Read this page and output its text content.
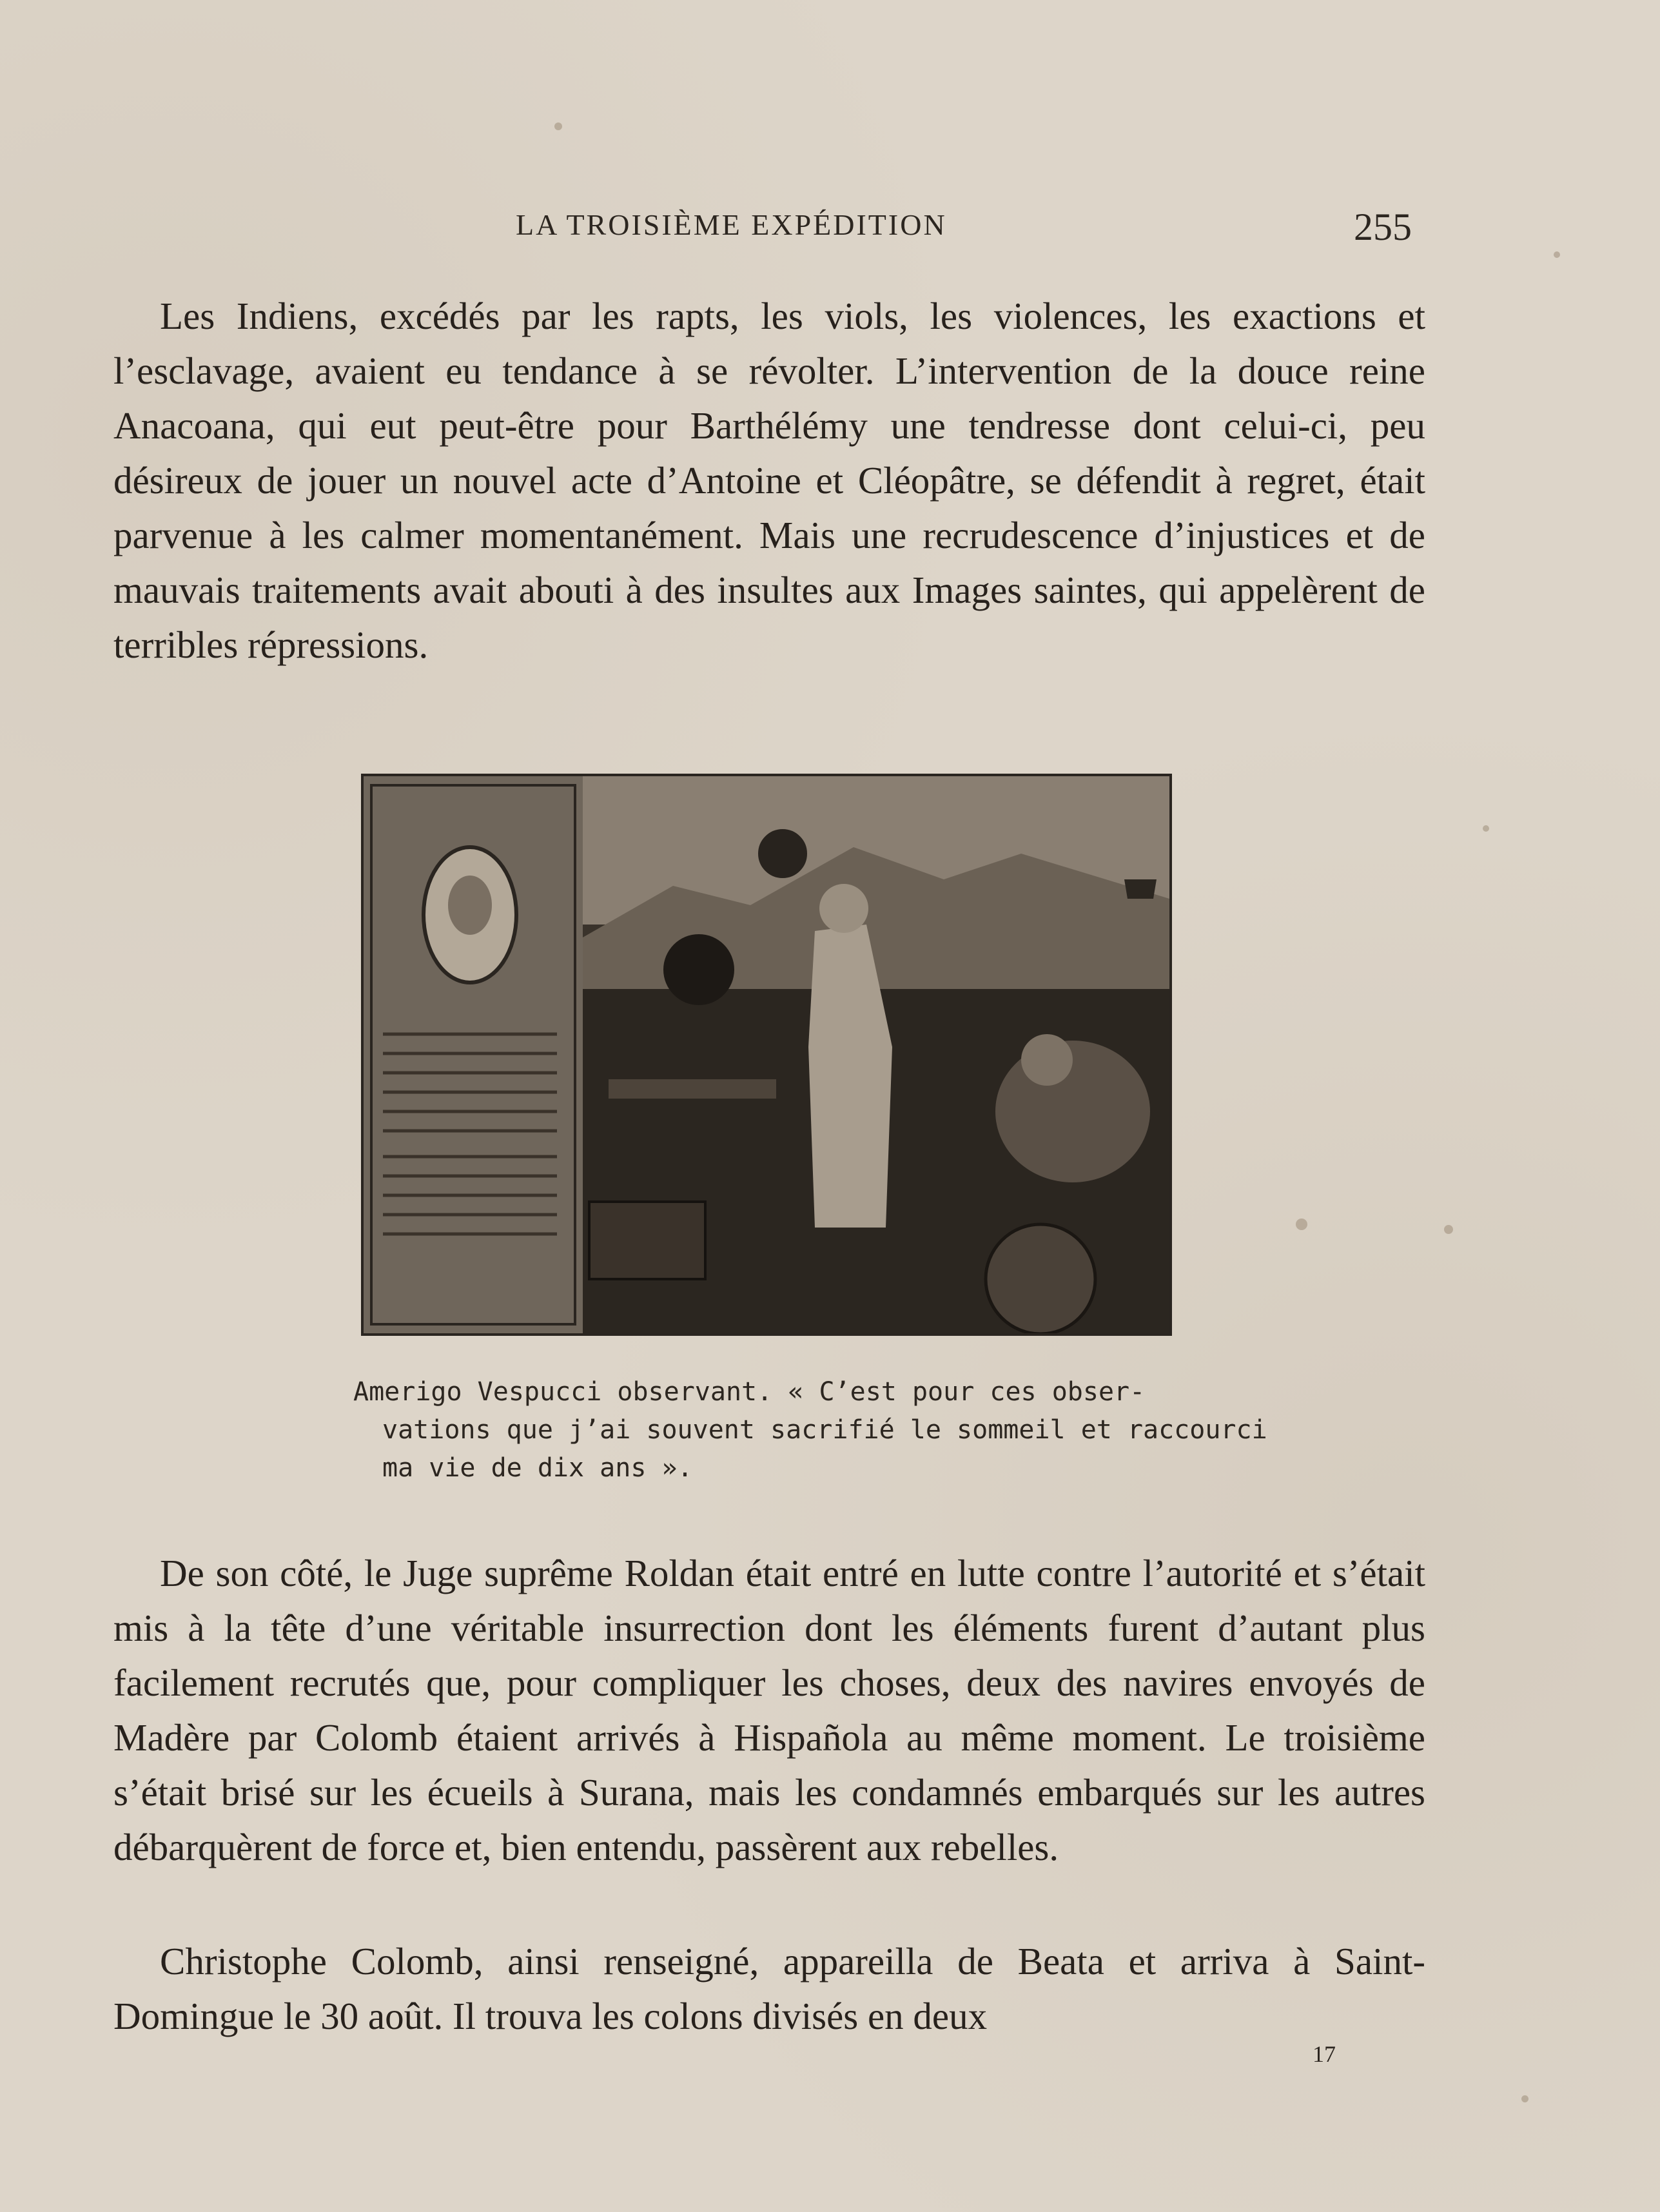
LA TROISIÈME EXPÉDITION	255

Les Indiens, excédés par les rapts, les viols, les violences, les exactions et l’esclavage, avaient eu tendance à se révolter. L’intervention de la douce reine Anacoana, qui eut peut-être pour Barthélémy une tendresse dont celui-ci, peu désireux de jouer un nouvel acte d’Antoine et Cléopâtre, se défendit à regret, était parvenue à les calmer momentanément. Mais une recrudescence d’injustices et de mauvais traitements avait abouti à des insultes aux Images saintes, qui appelèrent de terribles répressions.

Amerigo Vespucci observant. « C’est pour ces obser-
vations que j’ai souvent sacrifié le sommeil et raccourci
ma vie de dix ans ».

De son côté, le Juge suprême Roldan était entré en lutte contre l’autorité et s’était mis à la tête d’une véritable insurrection dont les éléments furent d’autant plus facilement recrutés que, pour compliquer les choses, deux des navires envoyés de Madère par Colomb étaient arrivés à Hispañola au même moment. Le troisième s’était brisé sur les écueils à Surana, mais les condamnés embarqués sur les autres débarquèrent de force et, bien entendu, passèrent aux rebelles.

Christophe Colomb, ainsi renseigné, appareilla de Beata et arriva à Saint-Domingue le 30 août. Il trouva les colons divisés en deux

17
